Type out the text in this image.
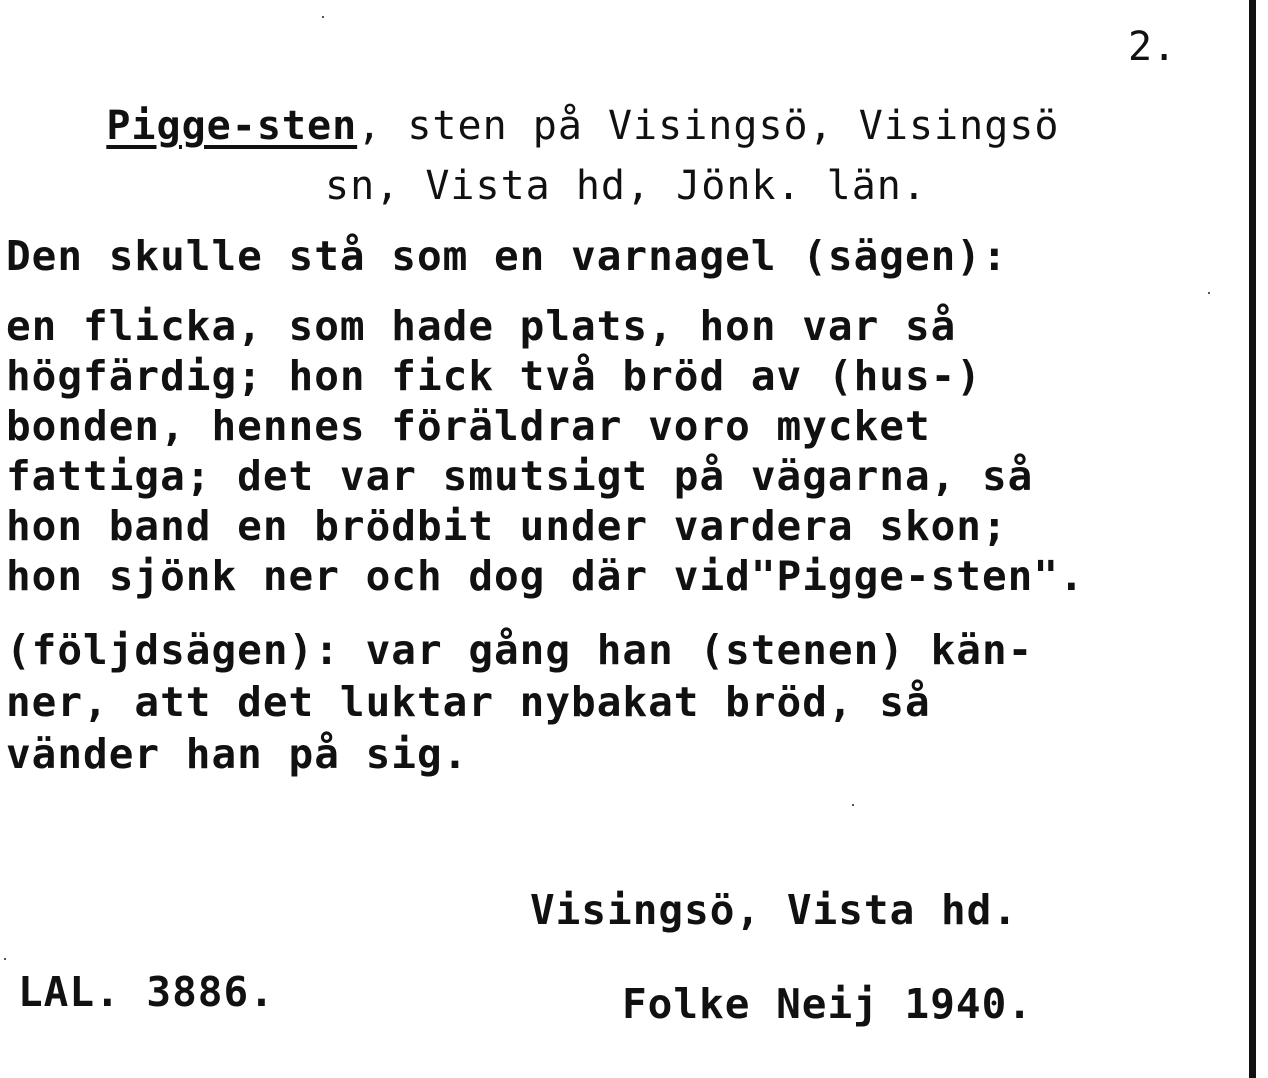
2.

Pigge-sten, sten på Visingsö, Visingsö

sn, Vista hd, Jönk. län.
Den skulle stå som en varnagel (sägen):
en flicka, som hade plats, hon var så
högfärdig; hon fick två bröd av (hus-)
bonden, hennes föräldrar voro mycket
fattiga; det var smutsigt på vägarna, så
hon band en brödbit under vardera skon;
hon sjönk ner och dog där vid"Pigge-sten".
(följdsägen): var gång han (stenen) kän-
ner, att det luktar nybakat bröd, så
vänder han på sig.
Visingsö, Vista hd.
LAL. 3886.	Folke Neij 1940.
